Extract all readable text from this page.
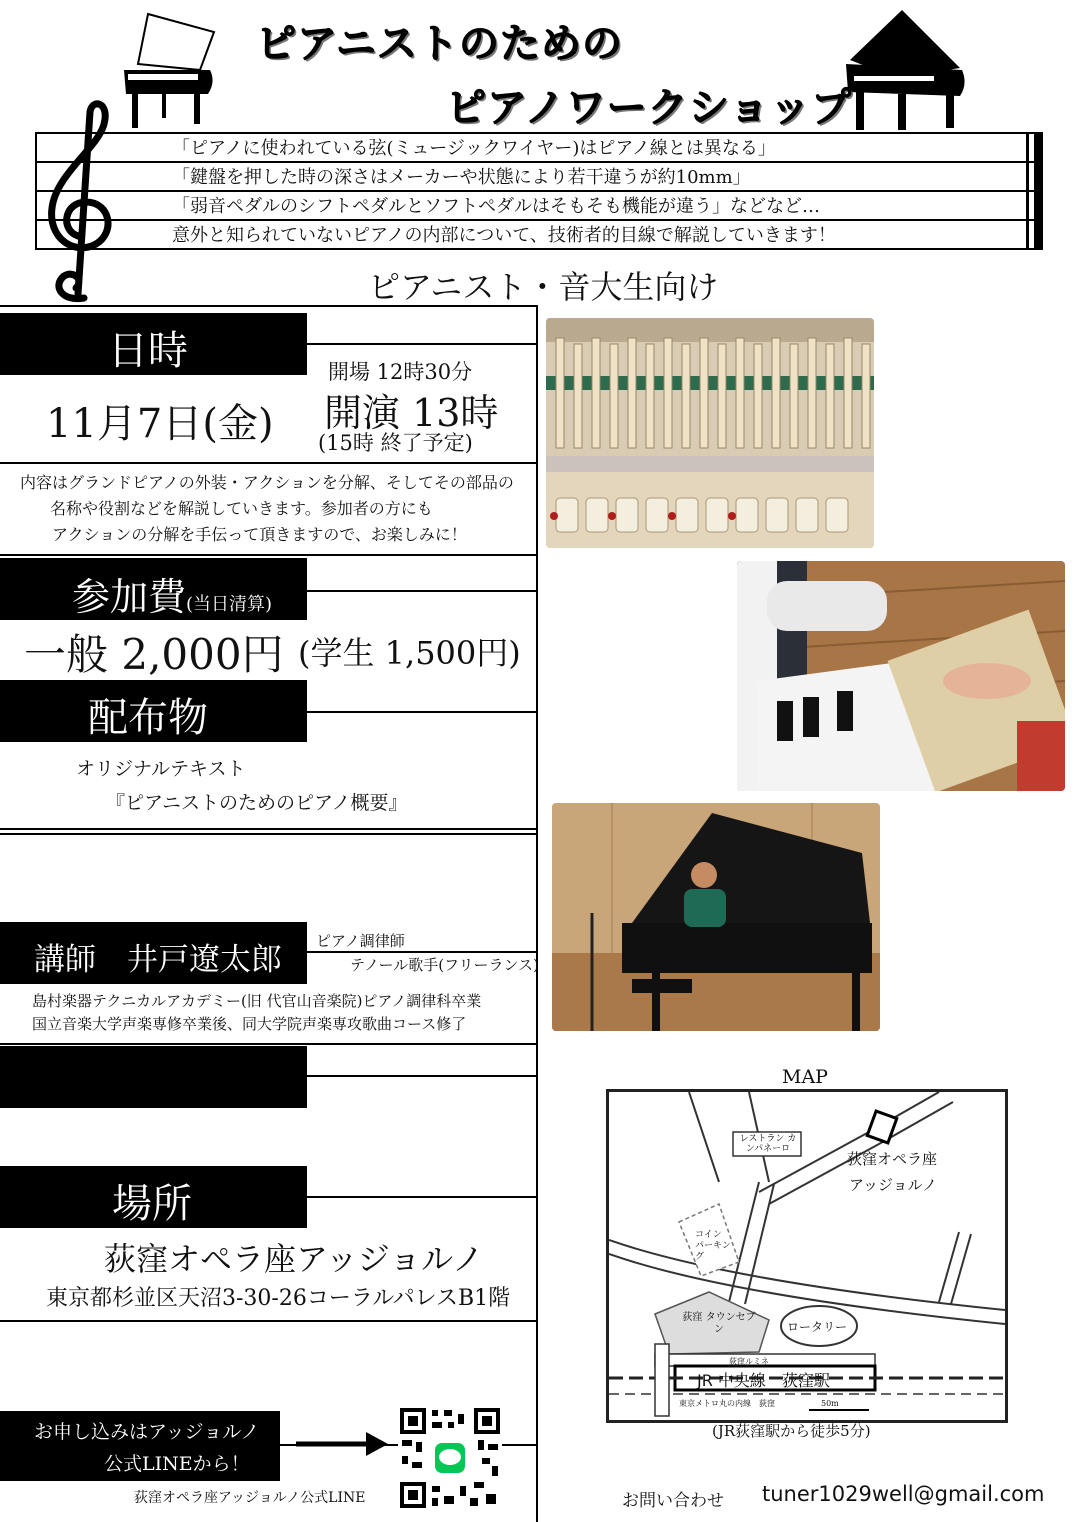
ピアニストのための
ピアノワークショップ
「ピアノに使われている弦(ミュージックワイヤー)はピアノ線とは異なる」
「鍵盤を押した時の深さはメーカーや状態により若干違うが約10mm」
「弱音ペダルのシフトペダルとソフトペダルはそもそも機能が違う」などなど…
意外と知られていないピアノの内部について、技術者的目線で解説していきます！
ピアニスト・音大生向け
日時
11月7日(金)
開場 12時30分
開演 13時
(15時 終了予定)
内容はグランドピアノの外装・アクションを分解、そしてその部品の
名称や役割などを解説していきます。参加者の方にも
アクションの分解を手伝って頂きますので、お楽しみに！
参加費(当日清算)
一般 2,000円 (学生 1,500円)
配布物
オリジナルテキスト
『ピアニストのためのピアノ概要』
講師　井戸遼太郎
ピアノ調律師
テノール歌手(フリーランス)
島村楽器テクニカルアカデミー(旧 代官山音楽院)ピアノ調律科卒業
国立音楽大学声楽専修卒業後、同大学院声楽専攻歌曲コース修了
場所
荻窪オペラ座アッジョルノ
東京都杉並区天沼3-30-26コーラルパレスB1階
お申し込みはアッジョルノ
公式LINEから！
荻窪オペラ座アッジョルノ公式LINE
MAP
荻窪オペラ座
アッジョルノ
レストラン カンパネーロ
コイン パーキング
荻窪 タウンセブン	ロータリー
荻窪ルミネ
JR 中央線　荻窪駅
東京メトロ丸の内線　荻窪	50m
(JR荻窪駅から徒歩5分)
お問い合わせ tuner1029well@gmail.com
